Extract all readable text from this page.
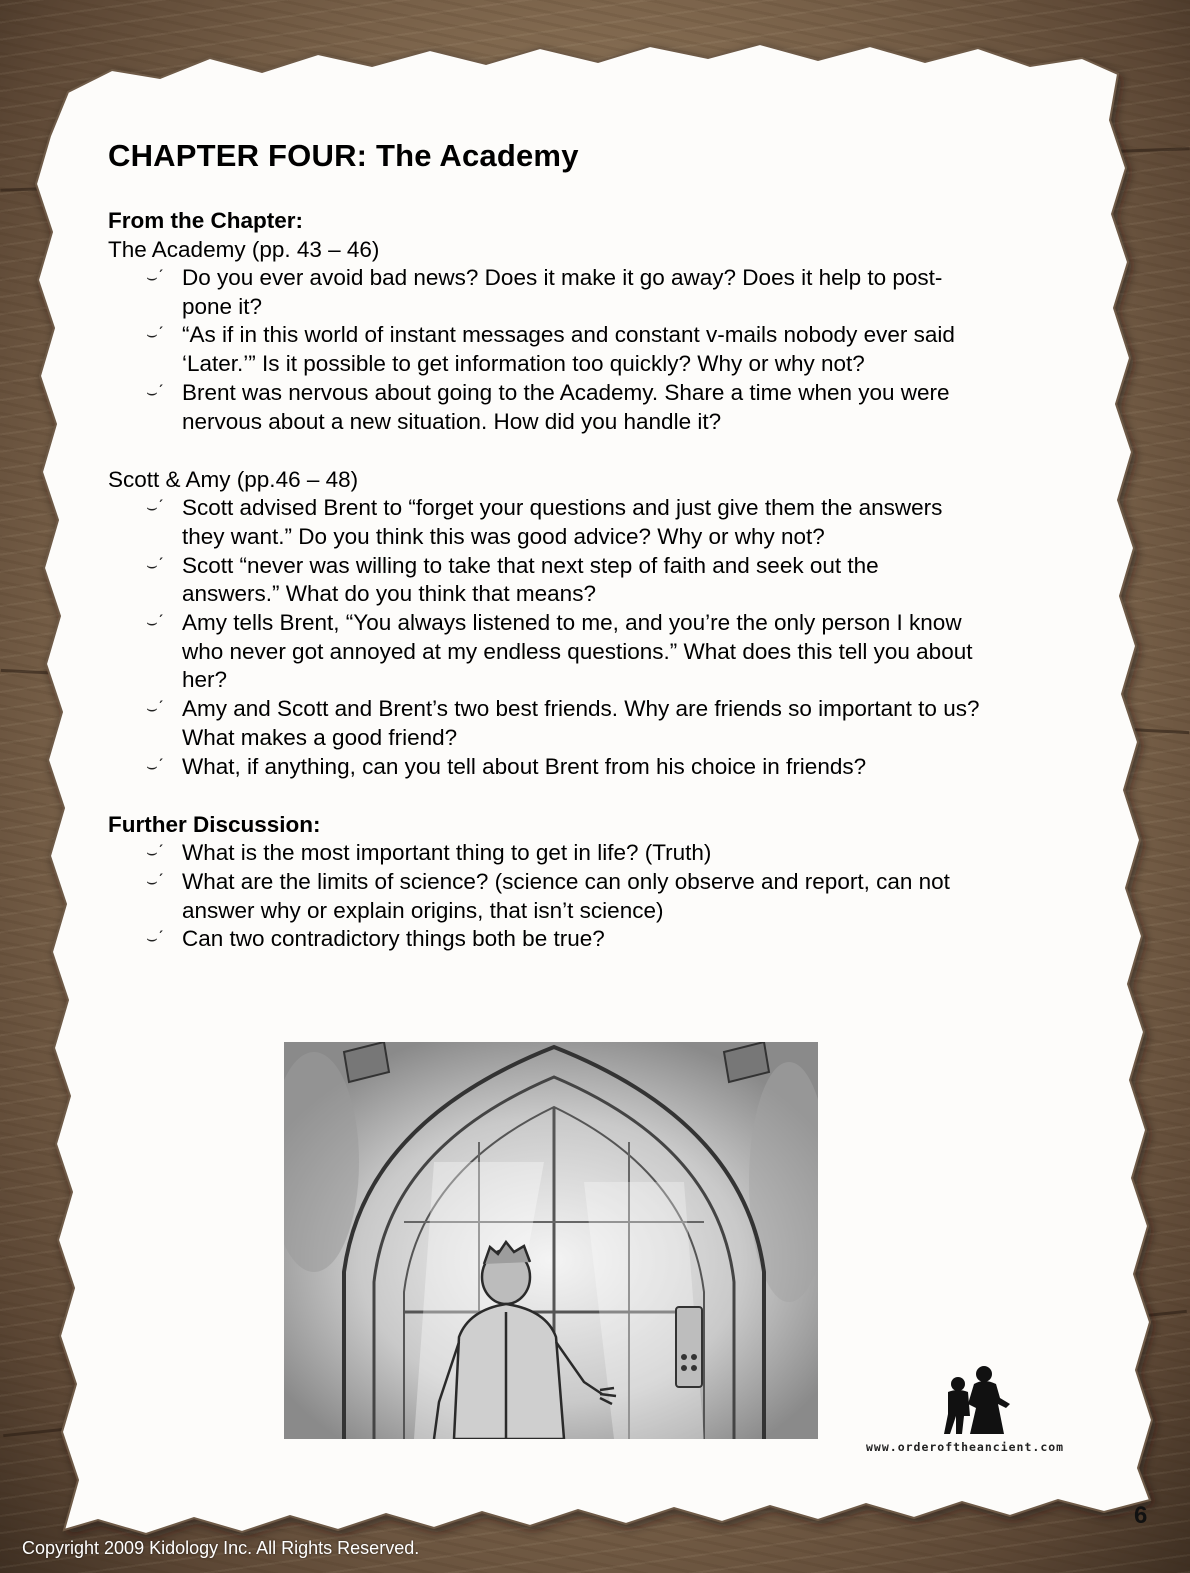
CHAPTER FOUR: The Academy
From the Chapter:
The Academy (pp. 43 – 46)
⌣ˊ Do you ever avoid bad news? Does it make it go away? Does it help to post-pone it?
⌣ˊ “As if in this world of instant messages and constant v-mails nobody ever said ‘Later.’” Is it possible to get information too quickly? Why or why not?
⌣ˊ Brent was nervous about going to the Academy. Share a time when you were nervous about a new situation. How did you handle it?
Scott & Amy (pp.46 – 48)
⌣ˊ Scott advised Brent to “forget your questions and just give them the answers they want.” Do you think this was good advice? Why or why not?
⌣ˊ Scott “never was willing to take that next step of faith and seek out the answers.” What do you think that means?
⌣ˊ Amy tells Brent, “You always listened to me, and you’re the only person I know who never got annoyed at my endless questions.” What does this tell you about her?
⌣ˊ Amy and Scott and Brent’s two best friends. Why are friends so important to us? What makes a good friend?
⌣ˊ What, if anything, can you tell about Brent from his choice in friends?
Further Discussion:
⌣ˊ What is the most important thing to get in life? (Truth)
⌣ˊ What are the limits of science? (science can only observe and report, can not answer why or explain origins, that isn’t science)
⌣ˊ Can two contradictory things both be true?
www.orderoftheancient.com
6
Copyright 2009 Kidology Inc. All Rights Reserved.
